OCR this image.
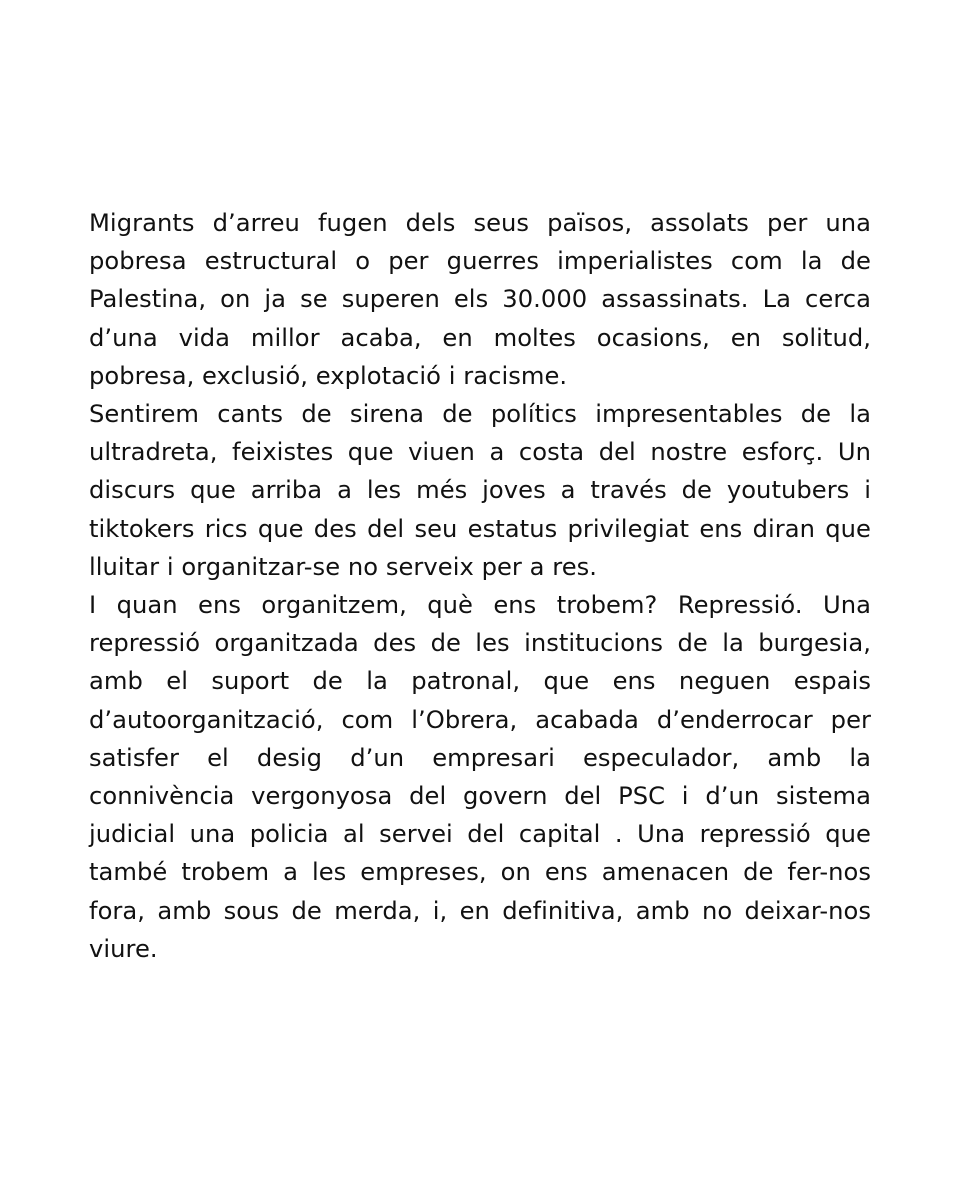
Migrants d’arreu fugen dels seus països, assolats per una pobresa estructural o per guerres imperialistes com la de Palestina, on ja se superen els 30.000 assassinats. La cerca d’una vida millor acaba, en moltes ocasions, en solitud, pobresa, exclusió, explotació i racisme.

Sentirem cants de sirena de polítics impresentables de la ultradreta, feixistes que viuen a costa del nostre esforç. Un discurs que arriba a les més joves a través de youtubers i tiktokers rics que des del seu estatus privilegiat ens diran que lluitar i organitzar-se no serveix per a res.

I quan ens organitzem, què ens trobem? Repressió. Una repressió organitzada des de les institucions de la burgesia, amb el suport de la patronal, que ens neguen espais d’autoorganització, com l’Obrera, acabada d’enderrocar per satisfer el desig d’un empresari especulador, amb la connivència vergonyosa del govern del PSC i d’un sistema judicial una policia al servei del capital . Una repressió que també trobem a les empreses, on ens amenacen de fer-nos fora, amb sous de merda, i, en definitiva, amb no deixar-nos viure.
